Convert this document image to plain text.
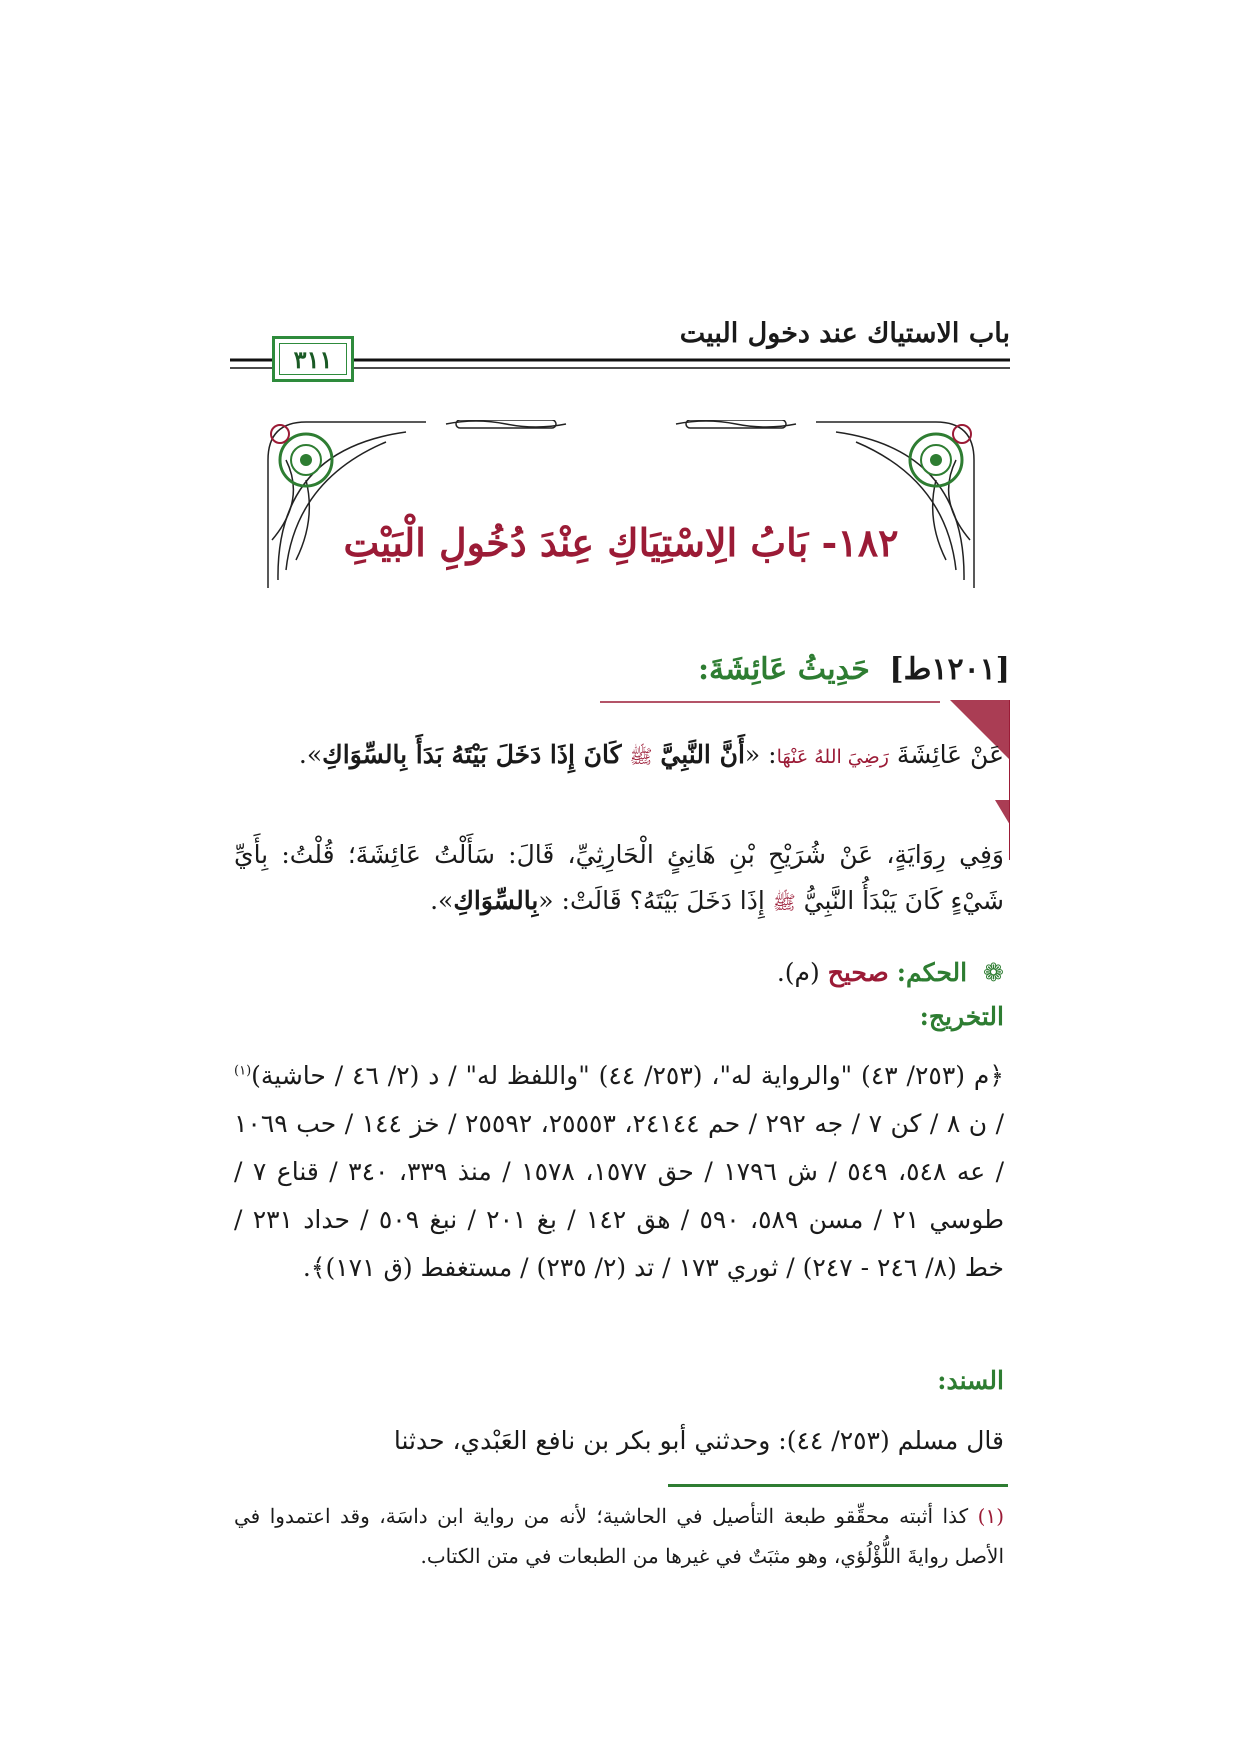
باب الاستياك عند دخول البيت
٣١١
١٨٢- بَابُ الِاسْتِيَاكِ عِنْدَ دُخُولِ الْبَيْتِ
[١٢٠١ط] حَدِيثُ عَائِشَةَ:
عَنْ عَائِشَةَ رَضِيَ اللهُ عَنْهَا: «أَنَّ النَّبِيَّ ﷺ كَانَ إِذَا دَخَلَ بَيْتَهُ بَدَأَ بِالسِّوَاكِ».
وَفِي رِوَايَةٍ، عَنْ شُرَيْحِ بْنِ هَانِئٍ الْحَارِثِيِّ، قَالَ: سَأَلْتُ عَائِشَةَ؛ قُلْتُ: بِأَيِّ شَيْءٍ كَانَ يَبْدَأُ النَّبِيُّ ﷺ إِذَا دَخَلَ بَيْتَهُ؟ قَالَتْ: «بِالسِّوَاكِ».
❁ الحكم: صحيح (م).
التخريج:
﴿م (٢٥٣/ ٤٣) "والرواية له"، (٢٥٣/ ٤٤) "واللفظ له" / د (٢/ ٤٦ / حاشية)$^{(١)}$ / ن ٨ / كن ٧ / جه ٢٩٢ / حم ٢٤١٤٤، ٢٥٥٥٣، ٢٥٥٩٢ / خز ١٤٤ / حب ١٠٦٩ / عه ٥٤٨، ٥٤٩ / ش ١٧٩٦ / حق ١٥٧٧، ١٥٧٨ / منذ ٣٣٩، ٣٤٠ / قناع ٧ / طوسي ٢١ / مسن ٥٨٩، ٥٩٠ / هق ١٤٢ / بغ ٢٠١ / نبغ ٥٠٩ / حداد ٢٣١ / خط (٨/ ٢٤٦ - ٢٤٧) / ثوري ١٧٣ / تد (٢/ ٢٣٥) / مستغفط (ق ١٧١)﴾.
السند:
قال مسلم (٢٥٣/ ٤٤): وحدثني أبو بكر بن نافع العَبْدي، حدثنا
(١) كذا أثبته محقِّقو طبعة التأصيل في الحاشية؛ لأنه من رواية ابن داسَة، وقد اعتمدوا في الأصل روايةَ اللُّؤْلُؤي، وهو مثبَتٌ في غيرها من الطبعات في متن الكتاب.
